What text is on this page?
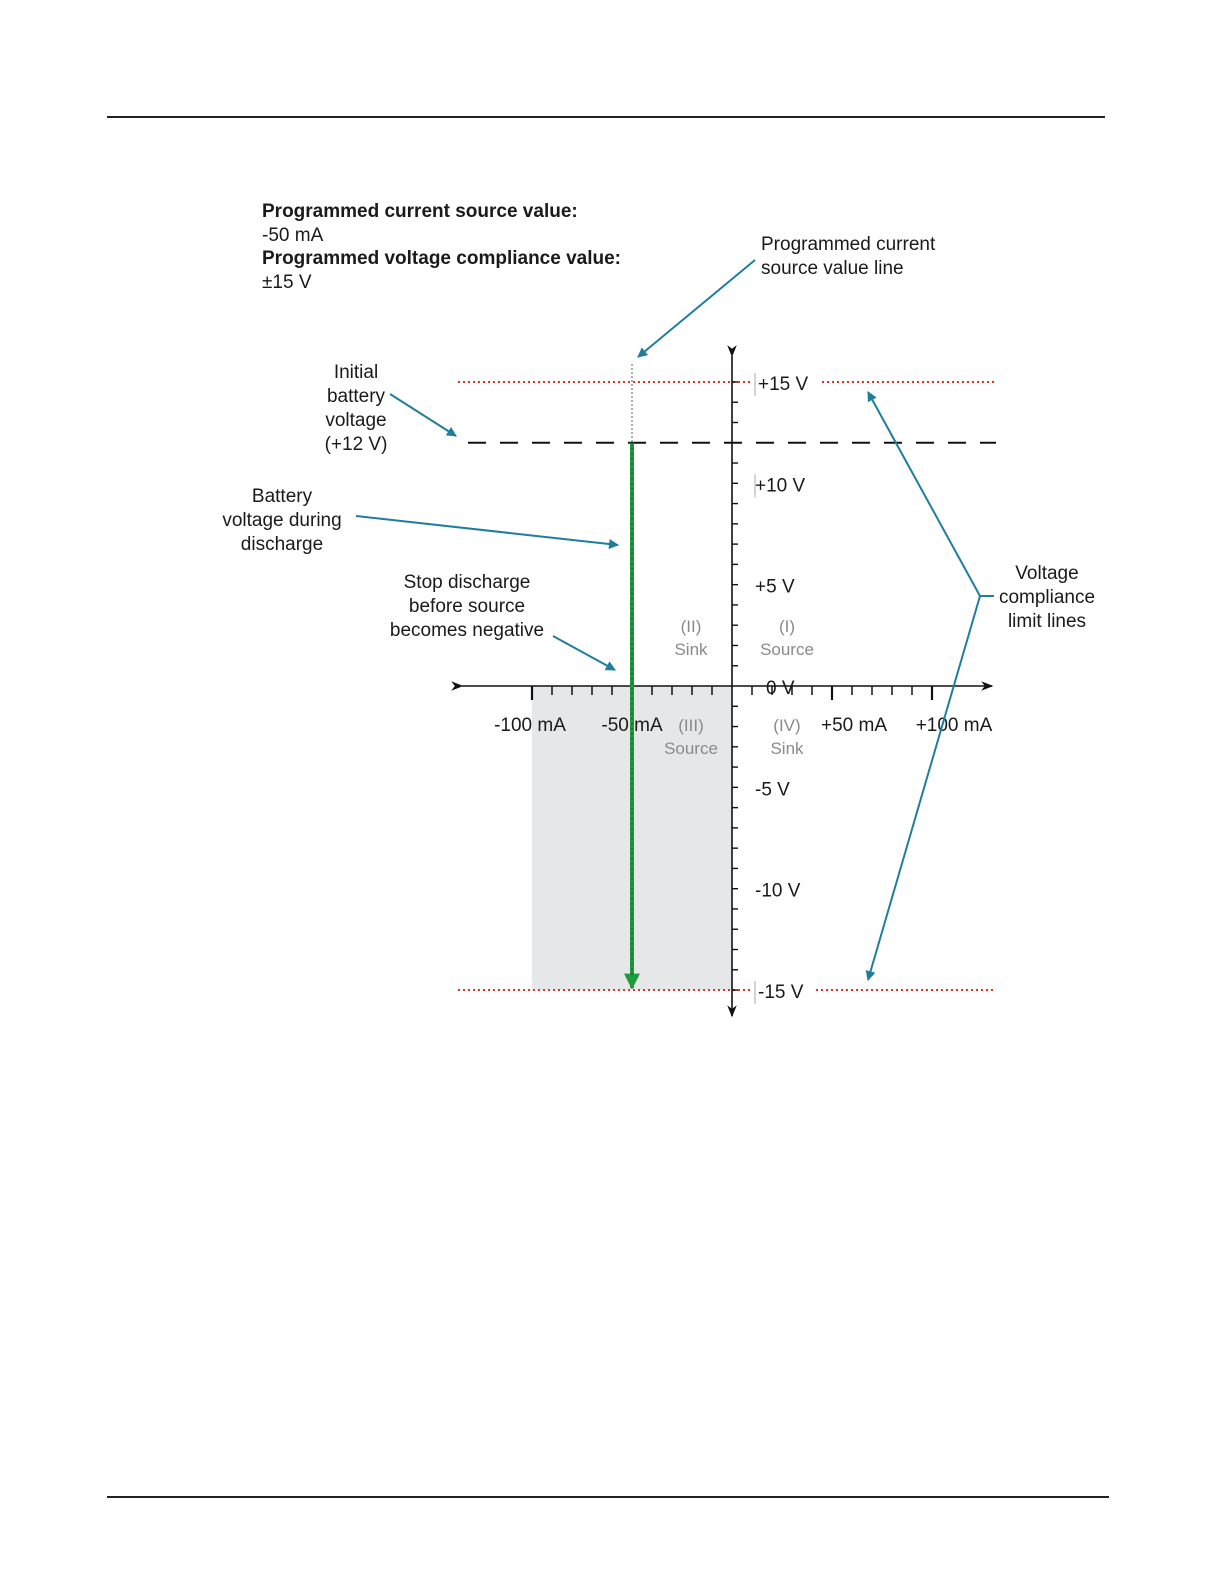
Programmed current source value:
-50 mA
Programmed voltage compliance value:
±15 V
-100 mA -50 mA	+50 mA +100 mA
+15 V
+10 V
+5 V
0 V
-5 V
-10 V
-15 V
(II)
Sink
(I)
Source
(III)
Source
(IV)
Sink
Programmed current
source value line
Initial
battery
voltage
(+12 V)
Battery
voltage during
discharge
Stop discharge
before source
becomes negative
Voltage
compliance
limit lines
